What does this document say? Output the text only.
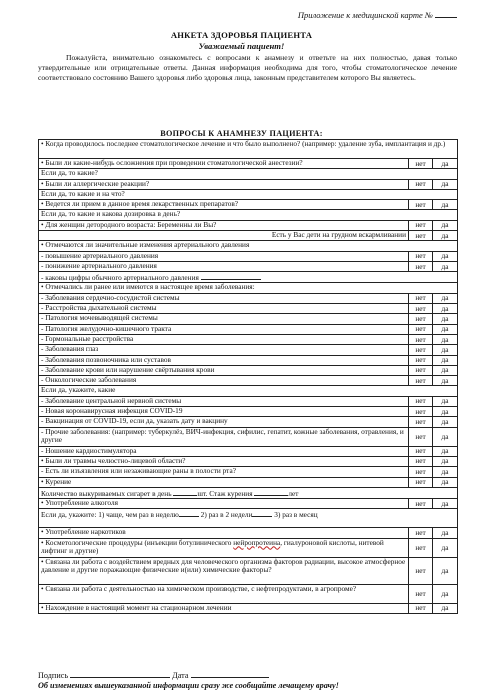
Приложение к медицинской карте №
АНКЕТА ЗДОРОВЬЯ ПАЦИЕНТА
Уважаемый пациент!

Пожалуйста, внимательно ознакомьтесь с вопросами к анамнезу и ответьте на них полностью, давая только утвердительные или отрицательные ответы. Данная информация необходима для того, чтобы стоматологическое лечение соответствовало состоянию Вашего здоровья либо здоровья лица, законным представителем которого Вы являетесь.

ВОПРОСЫ К АНАМНЕЗУ ПАЦИЕНТА:
• Когда проводилось последнее стоматологическое лечение и что было выполнено? (например: удаление зуба, имплантация и др.)		
• Были ли какие-нибудь осложнения при проведении стоматологической анестезии?	нет	да
Если да, то какие?		
• Были ли аллергические реакции?	нет	да
Если да, то какие и на что?		
• Ведется ли прием в данное время лекарственных препаратов?	нет	да
Если да, то какие и какова дозировка в день?		
• Для женщин детородного возраста: Беременны ли Вы?	нет	да
Есть у Вас дети на грудном вскармливании	нет	да
• Отмечаются ли значительные изменения артериального давления		
- повышение артериального давления	нет	да
- понижение артериального давления	нет	да
- каковы цифры обычного артериального давления		
• Отмечались ли ранее или имеются в настоящее время заболевания:		
- Заболевания сердечно-сосудистой системы	нет	да
- Расстройства дыхательной системы	нет	да
- Патология мочевыводящей системы	нет	да
- Патология желудочно-кишечного тракта	нет	да
- Гормональные расстройства	нет	да
- Заболевания глаз	нет	да
- Заболевания позвоночника или суставов	нет	да
- Заболевание крови или нарушение свёртывания крови	нет	да
- Онкологические заболевания	нет	да
Если да, укажите, какие		
- Заболевание центральной нервной системы	нет	да
- Новая коронавирусная инфекция COVID-19	нет	да
- Вакцинация от COVID-19, если да, указать дату и вакцину	нет	да
- Прочие заболевания: (например: туберкулёз, ВИЧ-инфекция, сифилис, гепатит, кожные заболевания, отравления, и другие	нет	да
- Ношение кардиостимулятора	нет	да
• Были ли травмы челюстно-лицевой области?	нет	да
- Есть ли изъязвления или незаживающие раны в полости рта?	нет	да
• Курение	нет	да
Количество выкуриваемых сигарет в день шт. Стаж курения лет		
• Употребление алкоголя	нет	да
Если да, укажите: 1) чаще, чем раз в неделю 2) раз в 2 недели 3) раз в месяц		
• Употребление наркотиков	нет	да
• Косметологические процедуры (инъекции ботулинического нейропротеина, гиалуроновой кислоты, нитевой лифтинг и другие)	нет	да
• Связана ли работа с воздействием вредных для человеческого организма факторов радиации, высокое атмосферное давление и другие поражающие физические и(или) химические факторы?	нет	да
• Связана ли работа с деятельностью на химическом производстве, с нефтепродуктами, в агропроме?	нет	да
• Нахождение в настоящий момент на стационарном лечении	нет	да
Подпись	Дата
Об изменениях вышеуказанной информации сразу же сообщайте лечащему врачу!
